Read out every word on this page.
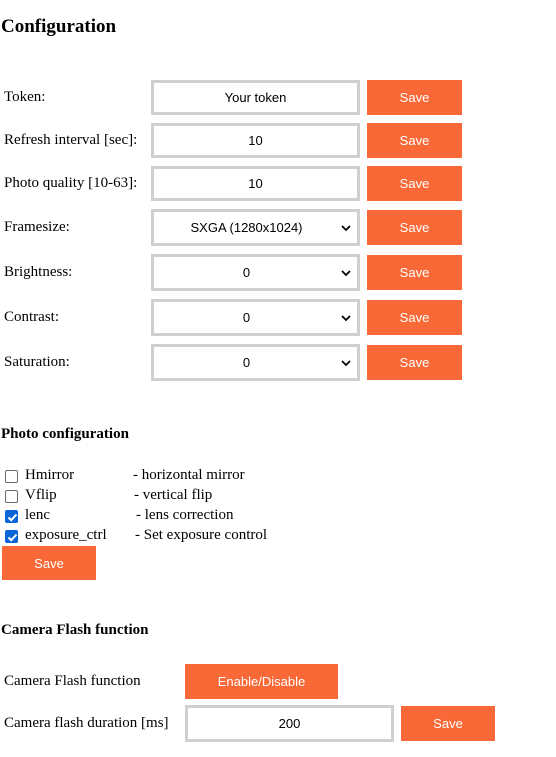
Configuration
Token:
Your token	Save
Refresh interval [sec]:
10	Save
Photo quality [10-63]:
10	Save
Framesize:	SXGA (1280x1024)	Save
Brightness:	0	Save
Contrast:	0	Save
Saturation:	0	Save
Photo configuration
Hmirror	- horizontal mirror
Vflip	- vertical flip
lenc	- lens correction
exposure_ctrl - Set exposure control
Save
Camera Flash function
Camera Flash function	Enable/Disable
Camera flash duration [ms]
200	Save
